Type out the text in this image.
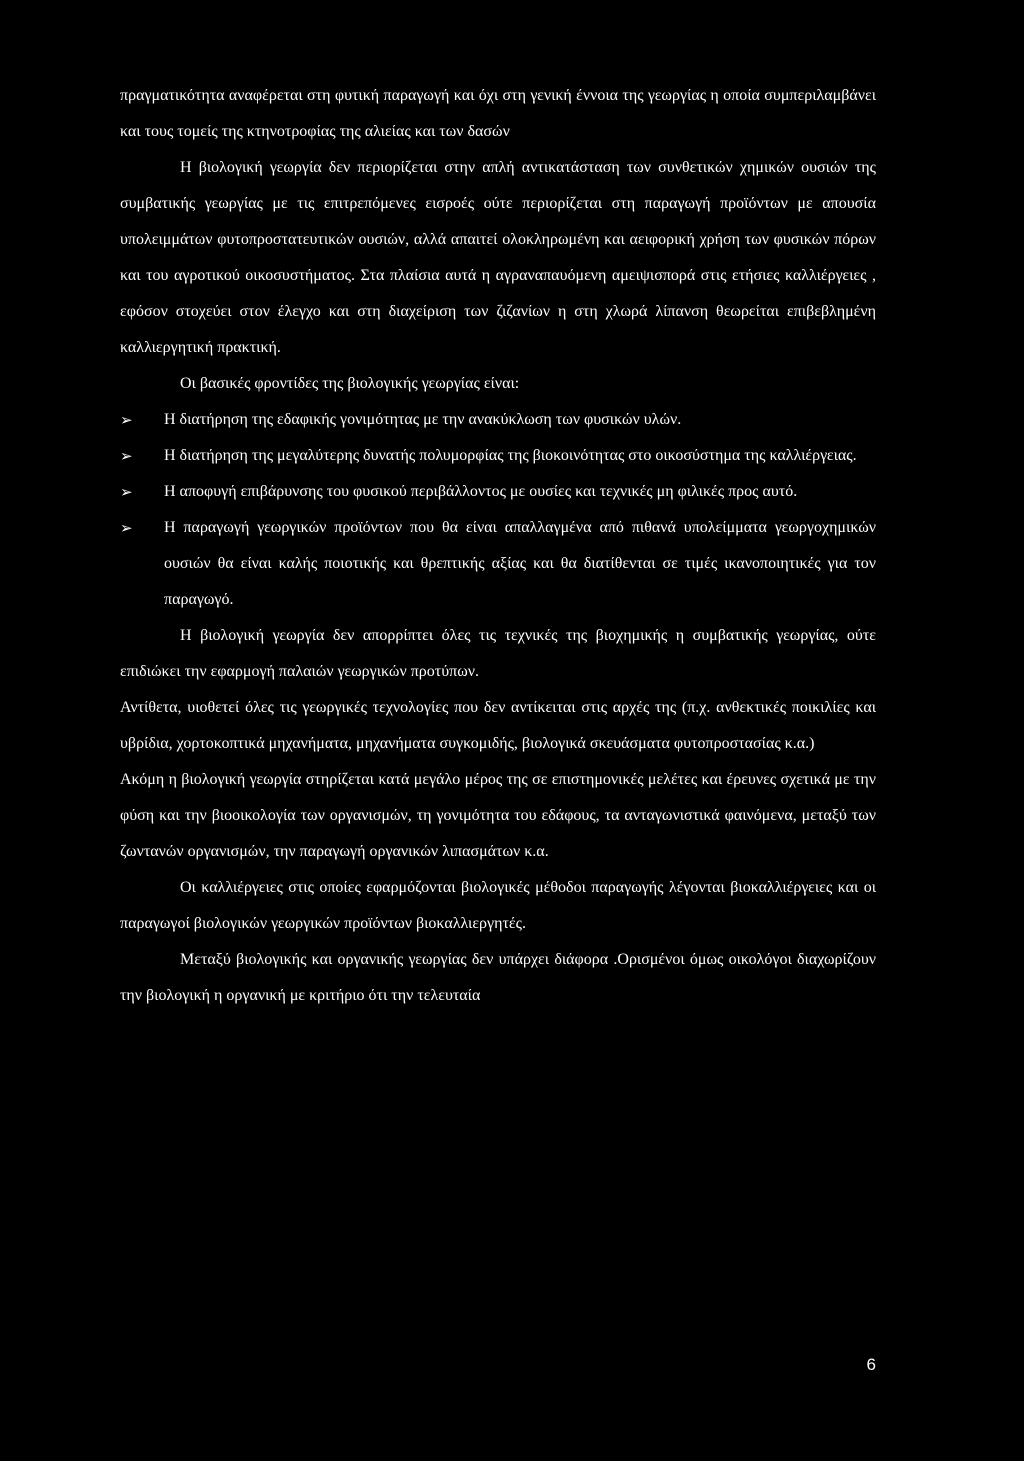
πραγματικότητα αναφέρεται στη φυτική παραγωγή και όχι στη γενική έννοια της γεωργίας η οποία συμπεριλαμβάνει και τους τομείς της κτηνοτροφίας της αλιείας και των δασών

Η βιολογική γεωργία δεν περιορίζεται στην απλή αντικατάσταση των συνθετικών χημικών ουσιών της συμβατικής γεωργίας με τις επιτρεπόμενες εισροές ούτε περιορίζεται στη παραγωγή προϊόντων με απουσία υπολειμμάτων φυτοπροστατευτικών ουσιών, αλλά απαιτεί ολοκληρωμένη και αειφορική χρήση των φυσικών πόρων και του αγροτικού οικοσυστήματος. Στα πλαίσια αυτά η αγραναπαυόμενη αμειψισπορά στις ετήσιες καλλιέργειες , εφόσον στοχεύει στον έλεγχο και στη διαχείριση των ζιζανίων η στη χλωρά λίπανση θεωρείται επιβεβλημένη καλλιεργητική πρακτική.

Οι βασικές φροντίδες της βιολογικής γεωργίας είναι:

➢	Η διατήρηση της εδαφικής γονιμότητας με την ανακύκλωση των φυσικών υλών.
➢	Η διατήρηση της μεγαλύτερης δυνατής πολυμορφίας της βιοκοινότητας στο οικοσύστημα της καλλιέργειας.
➢	Η αποφυγή επιβάρυνσης του φυσικού περιβάλλοντος με ουσίες και τεχνικές μη φιλικές προς αυτό.
➢	Η παραγωγή γεωργικών προϊόντων που θα είναι απαλλαγμένα από πιθανά υπολείμματα γεωργοχημικών ουσιών θα είναι καλής ποιοτικής και θρεπτικής αξίας και θα διατίθενται σε τιμές ικανοποιητικές για τον παραγωγό.

Η βιολογική γεωργία δεν απορρίπτει όλες τις τεχνικές της βιοχημικής η συμβατικής γεωργίας, ούτε επιδιώκει την εφαρμογή παλαιών γεωργικών προτύπων.

Αντίθετα, υιοθετεί όλες τις γεωργικές τεχνολογίες που δεν αντίκειται στις αρχές της (π.χ. ανθεκτικές ποικιλίες και υβρίδια, χορτοκοπτικά μηχανήματα, μηχανήματα συγκομιδής, βιολογικά σκευάσματα φυτοπροστασίας κ.α.)

Ακόμη η βιολογική γεωργία στηρίζεται κατά μεγάλο μέρος της σε επιστημονικές μελέτες και έρευνες σχετικά με την φύση και την βιοοικολογία των οργανισμών, τη γονιμότητα του εδάφους, τα ανταγωνιστικά φαινόμενα, μεταξύ των ζωντανών οργανισμών, την παραγωγή οργανικών λιπασμάτων κ.α.

Οι καλλιέργειες στις οποίες εφαρμόζονται βιολογικές μέθοδοι παραγωγής λέγονται βιοκαλλιέργειες και οι παραγωγοί βιολογικών γεωργικών προϊόντων βιοκαλλιεργητές.

Μεταξύ βιολογικής και οργανικής γεωργίας δεν υπάρχει διάφορα .Ορισμένοι όμως οικολόγοι διαχωρίζουν την βιολογική η οργανική με κριτήριο ότι την τελευταία

6
